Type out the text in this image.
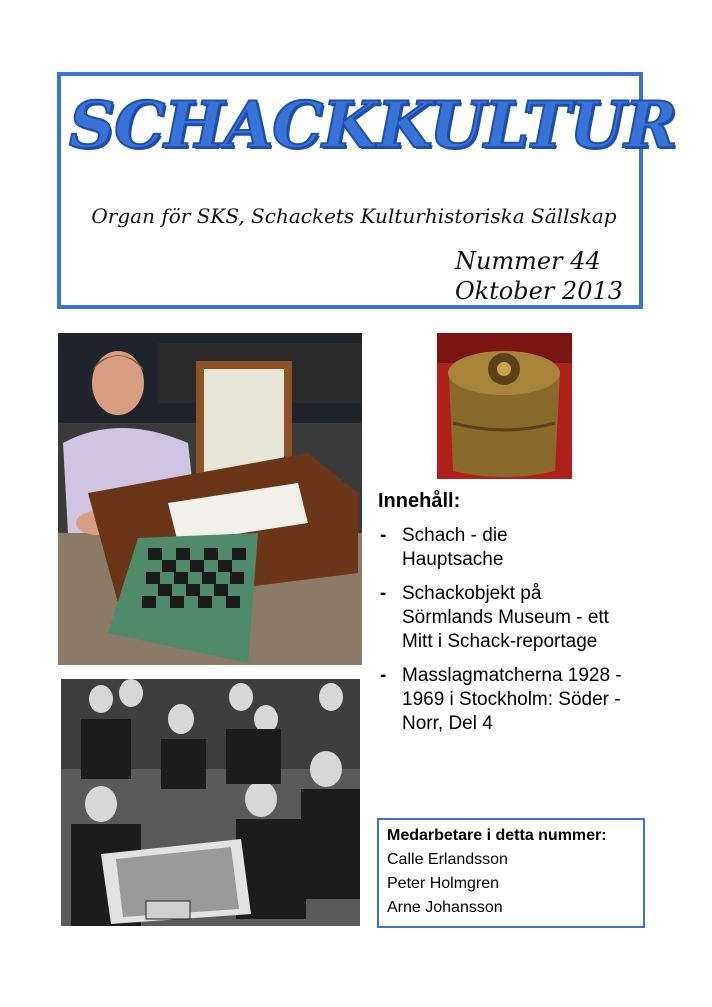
SCHACKKULTUR
Organ för SKS, Schackets Kulturhistoriska Sällskap
Nummer 44
Oktober 2013
Innehåll:
- Schach - die Hauptsache
- Schackobjekt på Sörmlands Museum - ett Mitt i Schack-reportage
- Masslagmatcherna 1928 - 1969 i Stockholm: Söder - Norr, Del 4
Medarbetare i detta nummer:
Calle Erlandsson
Peter Holmgren
Arne Johansson
